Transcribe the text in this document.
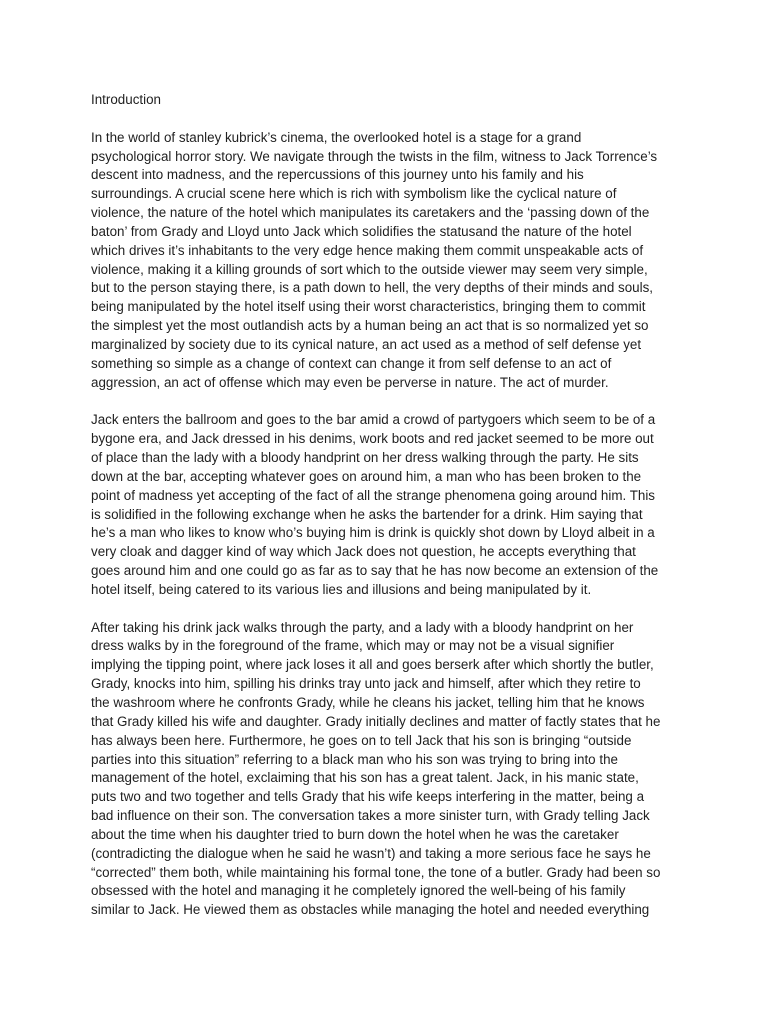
Introduction
In the world of stanley kubrick’s cinema, the overlooked hotel is a stage for a grand
psychological horror story. We navigate through the twists in the film, witness to Jack Torrence’s
descent into madness, and the repercussions of this journey unto his family and his
surroundings. A crucial scene here which is rich with symbolism like the cyclical nature of
violence, the nature of the hotel which manipulates its caretakers and the ‘passing down of the
baton’ from Grady and Lloyd unto Jack which solidifies the statusand the nature of the hotel
which drives it’s inhabitants to the very edge hence making them commit unspeakable acts of
violence, making it a killing grounds of sort which to the outside viewer may seem very simple,
but to the person staying there, is a path down to hell, the very depths of their minds and souls,
being manipulated by the hotel itself using their worst characteristics, bringing them to commit
the simplest yet the most outlandish acts by a human being an act that is so normalized yet so
marginalized by society due to its cynical nature, an act used as a method of self defense yet
something so simple as a change of context can change it from self defense to an act of
aggression, an act of offense which may even be perverse in nature. The act of murder.
Jack enters the ballroom and goes to the bar amid a crowd of partygoers which seem to be of a
bygone era, and Jack dressed in his denims, work boots and red jacket seemed to be more out
of place than the lady with a bloody handprint on her dress walking through the party. He sits
down at the bar, accepting whatever goes on around him, a man who has been broken to the
point of madness yet accepting of the fact of all the strange phenomena going around him. This
is solidified in the following exchange when he asks the bartender for a drink. Him saying that
he’s a man who likes to know who’s buying him is drink is quickly shot down by Lloyd albeit in a
very cloak and dagger kind of way which Jack does not question, he accepts everything that
goes around him and one could go as far as to say that he has now become an extension of the
hotel itself, being catered to its various lies and illusions and being manipulated by it.
After taking his drink jack walks through the party, and a lady with a bloody handprint on her
dress walks by in the foreground of the frame, which may or may not be a visual signifier
implying the tipping point, where jack loses it all and goes berserk after which shortly the butler,
Grady, knocks into him, spilling his drinks tray unto jack and himself, after which they retire to
the washroom where he confronts Grady, while he cleans his jacket, telling him that he knows
that Grady killed his wife and daughter. Grady initially declines and matter of factly states that he
has always been here. Furthermore, he goes on to tell Jack that his son is bringing “outside
parties into this situation” referring to a black man who his son was trying to bring into the
management of the hotel, exclaiming that his son has a great talent. Jack, in his manic state,
puts two and two together and tells Grady that his wife keeps interfering in the matter, being a
bad influence on their son. The conversation takes a more sinister turn, with Grady telling Jack
about the time when his daughter tried to burn down the hotel when he was the caretaker
(contradicting the dialogue when he said he wasn’t) and taking a more serious face he says he
“corrected” them both, while maintaining his formal tone, the tone of a butler. Grady had been so
obsessed with the hotel and managing it he completely ignored the well-being of his family
similar to Jack. He viewed them as obstacles while managing the hotel and needed everything
